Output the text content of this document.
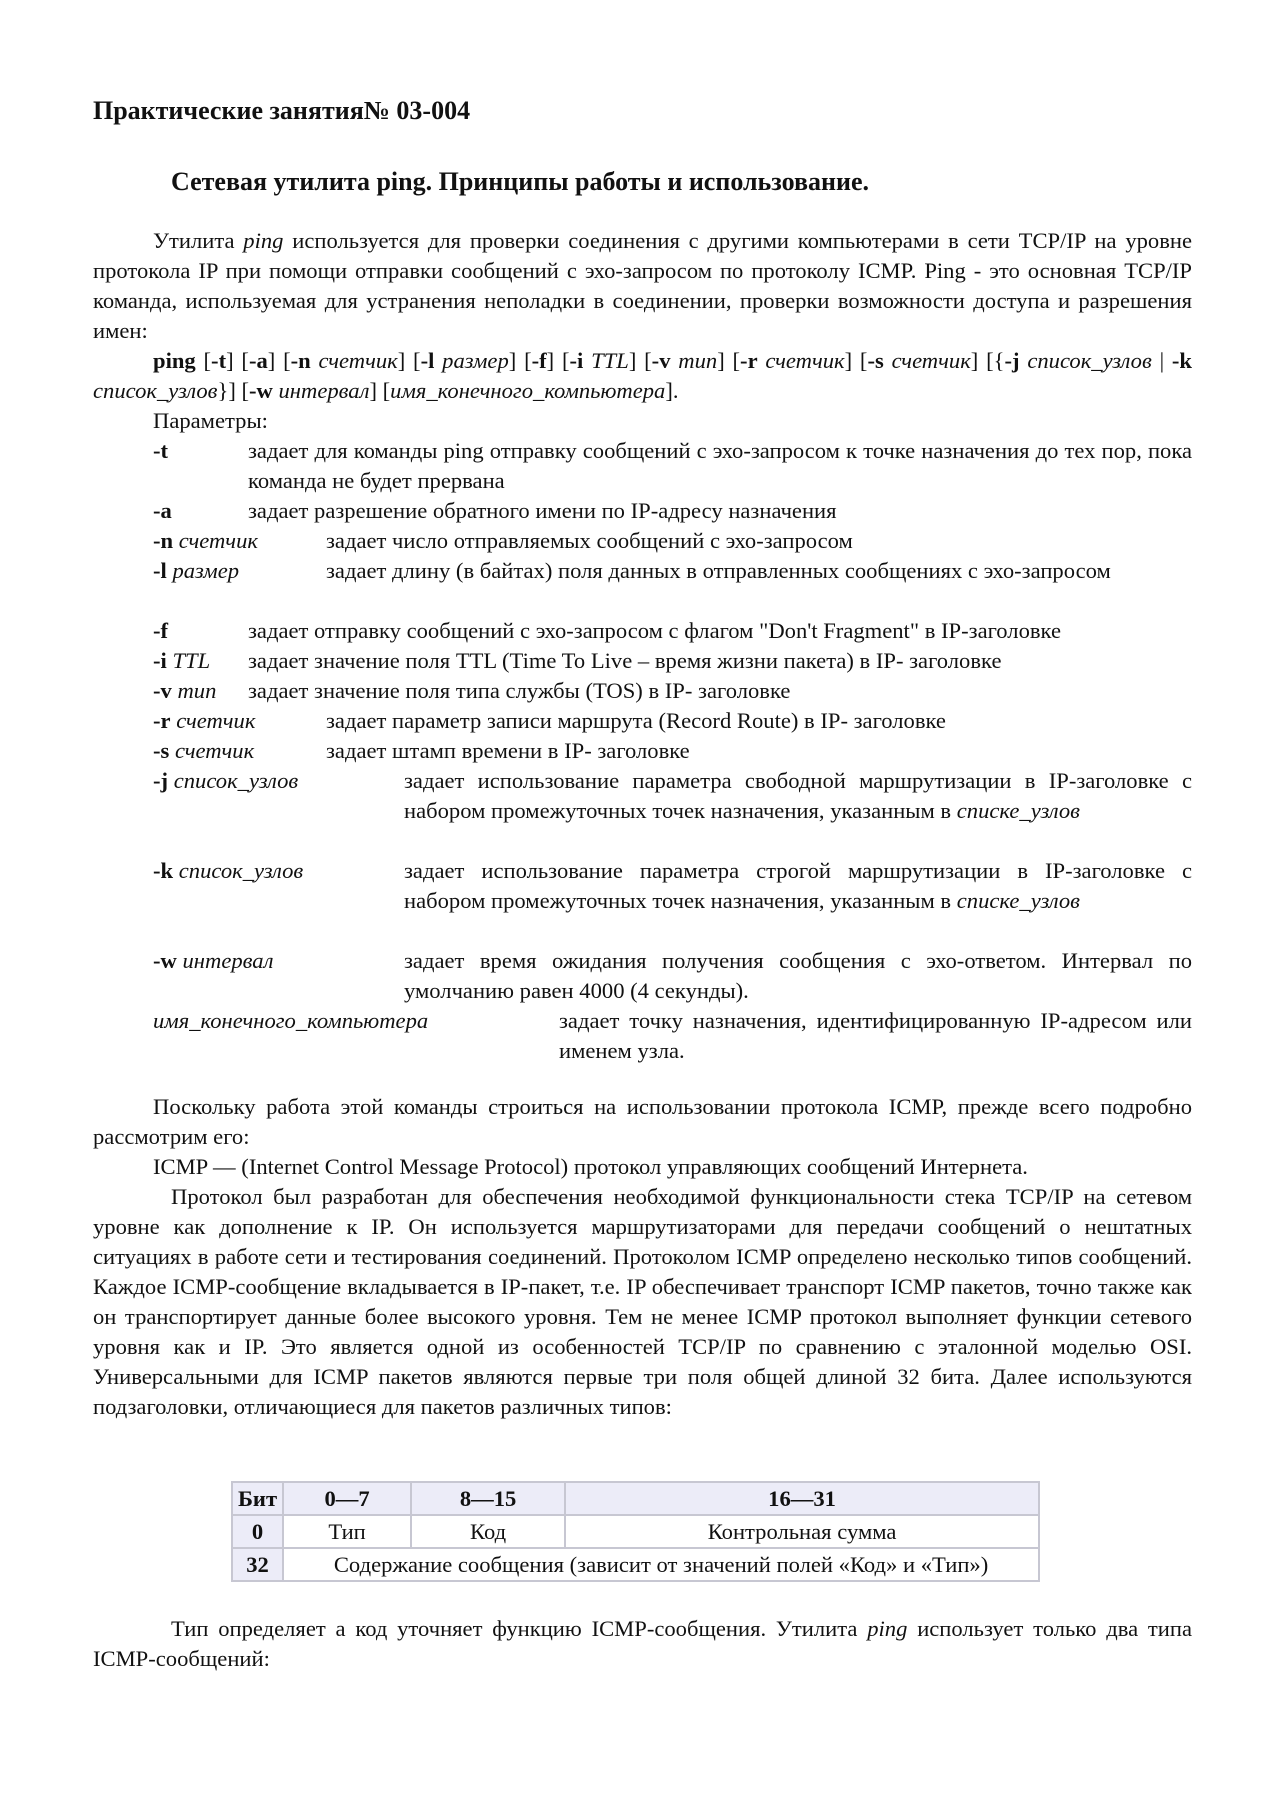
Практические занятия№ 03-004
Сетевая утилита ping. Принципы работы и использование.

Утилита ping используется для проверки соединения с другими компьютерами в сети TCP/IP на уровне протокола IP при помощи отправки сообщений с эхо-запросом по протоколу ICMP. Ping - это основная TCP/IP команда, используемая для устранения неполадки в соединении, проверки возможности доступа и разрешения имен:

ping [-t] [-a] [-n счетчик] [-l размер] [-f] [-i TTL] [-v тип] [-r счетчик] [-s счетчик] [{-j список_узлов | -k список_узлов}] [-w интервал] [имя_конечного_компьютера].

Параметры:

-t	задает для команды ping отправку сообщений с эхо-запросом к точке назначения до тех пор, пока команда не будет прервана
-a	задает разрешение обратного имени по IP-адресу назначения
-n счетчик	задает число отправляемых сообщений с эхо-запросом
-l размер	задает длину (в байтах) поля данных в отправленных сообщениях с эхо-запросом
-f	задает отправку сообщений с эхо-запросом с флагом "Don't Fragment" в IP-заголовке
-i TTL задает значение поля TTL (Time To Live – время жизни пакета) в IP- заголовке
-v тип задает значение поля типа службы (TOS) в IP- заголовке
-r счетчик	задает параметр записи маршрута (Record Route) в IP- заголовке
-s счетчик	задает штамп времени в IP- заголовке
-j список_узлов	задает использование параметра свободной маршрутизации в IP-заголовке с набором промежуточных точек назначения, указанным в списке_узлов
-k список_узлов	задает использование параметра строгой маршрутизации в IP-заголовке с набором промежуточных точек назначения, указанным в списке_узлов
-w интервал	задает время ожидания получения сообщения с эхо-ответом. Интервал по умолчанию равен 4000 (4 секунды).
имя_конечного_компьютера	задает точку назначения, идентифицированную IP-адресом или именем узла.

Поскольку работа этой команды строиться на использовании протокола ICMP, прежде всего подробно рассмотрим его:

ICMP — (Internet Control Message Protocol) протокол управляющих сообщений Интернета.

Протокол был разработан для обеспечения необходимой функциональности стека TCP/IP на сетевом уровне как дополнение к IP. Он используется маршрутизаторами для передачи сообщений о нештатных ситуациях в работе сети и тестирования соединений. Протоколом ICMP определено несколько типов сообщений. Каждое ICMP-сообщение вкладывается в IP-пакет, т.е. IP обеспечивает транспорт ICMP пакетов, точно также как он транспортирует данные более высокого уровня. Тем не менее ICMP протокол выполняет функции сетевого уровня как и IP. Это является одной из особенностей TCP/IP по сравнению с эталонной моделью OSI. Универсальными для ICMP пакетов являются первые три поля общей длиной 32 бита. Далее используются подзаголовки, отличающиеся для пакетов различных типов:

Бит	0—7	8—15	16—31
0	Тип	Код	Контрольная сумма
32	Содержание сообщения (зависит от значений полей «Код» и «Тип»)		

Тип определяет а код уточняет функцию ICMP-сообщения. Утилита ping использует только два типа ICMP-сообщений:
